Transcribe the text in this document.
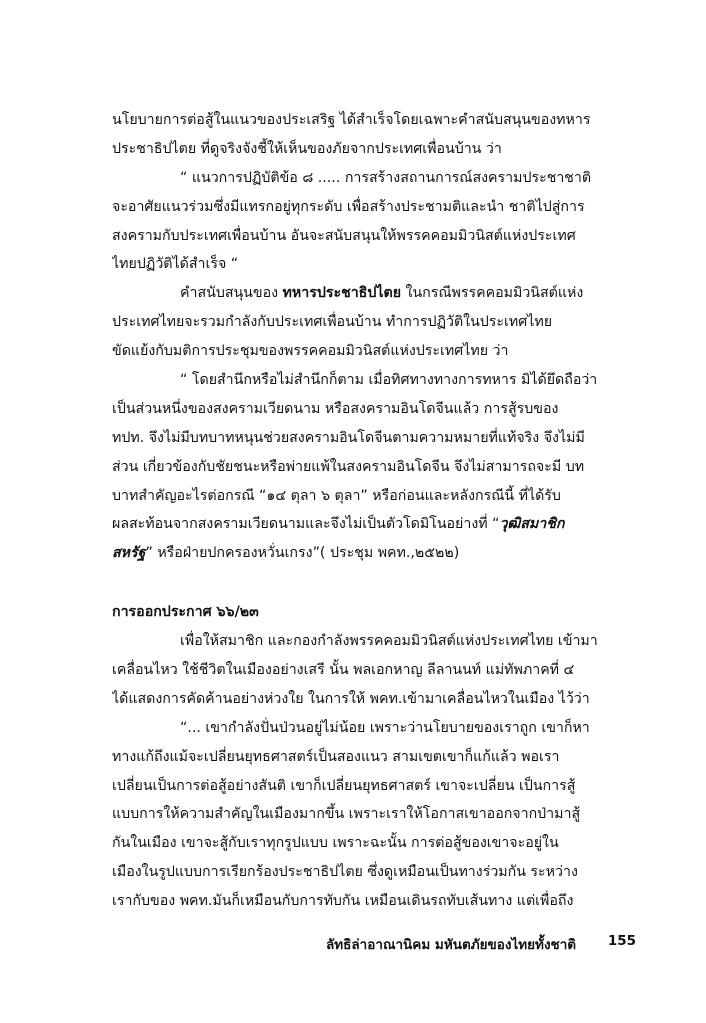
นโยบายการต่อสู้ในแนวของประเสริฐ ได้สำเร็จโดยเฉพาะคำสนับสนุนของทหาร
ประชาธิปไตย ที่ดูจริงจังชี้ให้เห็นของภัยจากประเทศเพื่อนบ้าน ว่า
“ แนวการปฏิบัติข้อ ๘ ..... การสร้างสถานการณ์สงครามประชาชาติ
จะอาศัยแนวร่วมซึ่งมีแทรกอยู่ทุกระดับ เพื่อสร้างประชามติและนำ ชาติไปสู่การ
สงครามกับประเทศเพื่อนบ้าน อันจะสนับสนุนให้พรรคคอมมิวนิสต์แห่งประเทศ
ไทยปฏิวัติได้สำเร็จ “
คำสนับสนุนของ ทหารประชาธิปไตย ในกรณีพรรคคอมมิวนิสต์แห่ง
ประเทศไทยจะรวมกำลังกับประเทศเพื่อนบ้าน ทำการปฏิวัติในประเทศไทย
ขัดแย้งกับมติการประชุมของพรรคคอมมิวนิสต์แห่งประเทศไทย ว่า
“ โดยสำนึกหรือไม่สำนึกก็ตาม เมื่อทิศทางทางการทหาร มิได้ยึดถือว่า
เป็นส่วนหนึ่งของสงครามเวียดนาม หรือสงครามอินโดจีนแล้ว การสู้รบของ
ทปท. จึงไม่มีบทบาทหนุนช่วยสงครามอินโดจีนตามความหมายที่แท้จริง จึงไม่มี
ส่วน เกี่ยวข้องกับชัยชนะหรือพ่ายแพ้ในสงครามอินโดจีน จึงไม่สามารถจะมี บท
บาทสำคัญอะไรต่อกรณี “๑๔ ตุลา ๖ ตุลา” หรือก่อนและหลังกรณีนี้ ที่ได้รับ
ผลสะท้อนจากสงครามเวียดนามและจึงไม่เป็นตัวโดมิโนอย่างที่ “วุฒิสมาชิก
สหรัฐ” หรือฝ่ายปกครองหวั่นเกรง”( ประชุม พคท.,๒๕๒๒)
การออกประกาศ ๖๖/๒๓
เพื่อให้สมาชิก และกองกำลังพรรคคอมมิวนิสต์แห่งประเทศไทย เข้ามา
เคลื่อนไหว ใช้ชีวิตในเมืองอย่างเสรี นั้น พลเอกหาญ ลีลานนท์ แม่ทัพภาคที่ ๔
ได้แสดงการคัดค้านอย่างห่วงใย ในการให้ พคท.เข้ามาเคลื่อนไหวในเมือง ไว้ว่า
“... เขากำลังปั่นป่วนอยู่ไม่น้อย เพราะว่านโยบายของเราถูก เขาก็หา
ทางแก้ถึงแม้จะเปลี่ยนยุทธศาสตร์เป็นสองแนว สามเขตเขาก็แก้แล้ว พอเรา
เปลี่ยนเป็นการต่อสู้อย่างสันติ เขาก็เปลี่ยนยุทธศาสตร์ เขาจะเปลี่ยน เป็นการสู้
แบบการให้ความสำคัญในเมืองมากขึ้น เพราะเราให้โอกาสเขาออกจากป่ามาสู้
กันในเมือง เขาจะสู้กับเราทุกรูปแบบ เพราะฉะนั้น การต่อสู้ของเขาจะอยู่ใน
เมืองในรูปแบบการเรียกร้องประชาธิปไตย ซึ่งดูเหมือนเป็นทางร่วมกัน ระหว่าง
เรากับของ พคท.มันก็เหมือนกับการทับกัน เหมือนเดินรถทับเส้นทาง แต่เพื่อถึง
ลัทธิล่าอาณานิคม มหันตภัยของไทยทั้งชาติ 155
